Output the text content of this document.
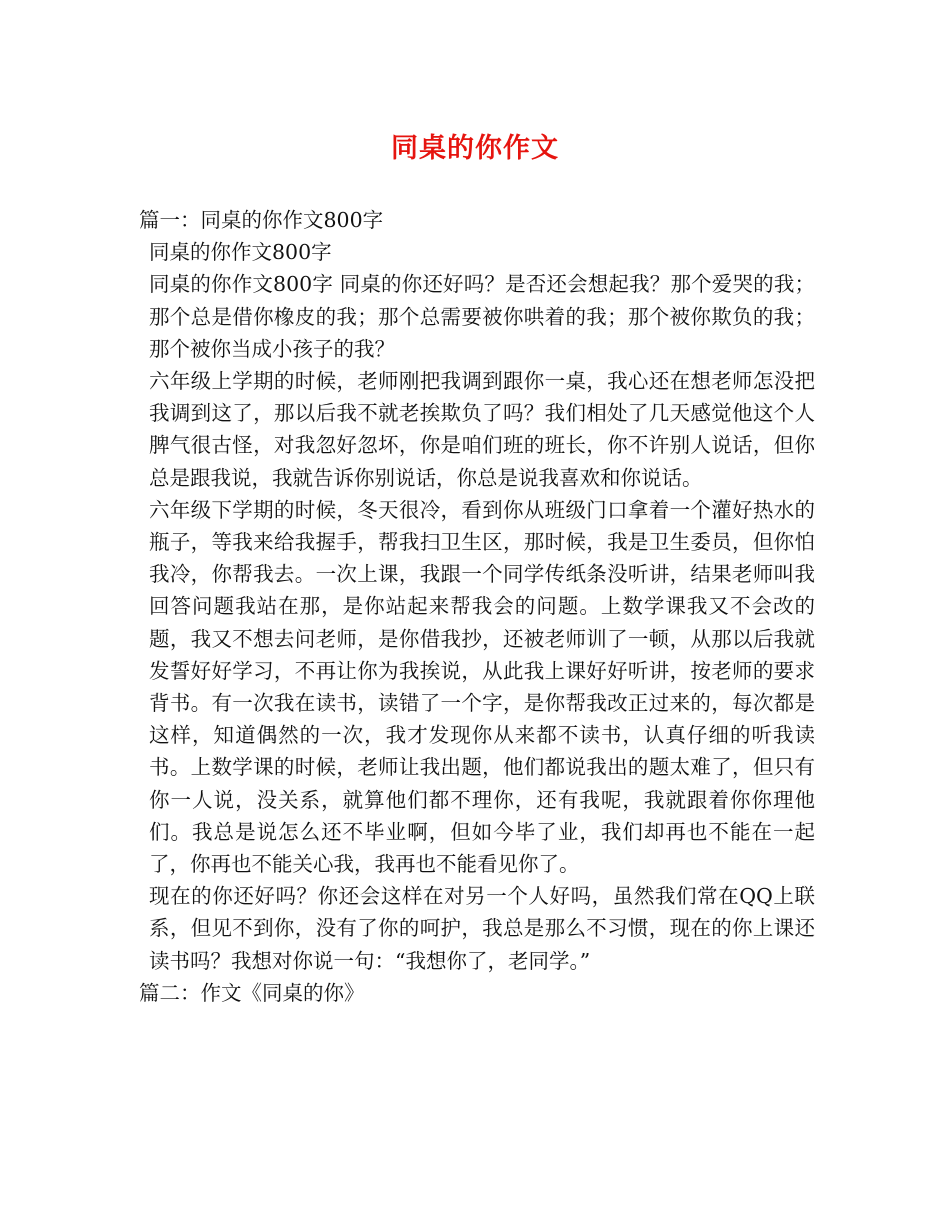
同桌的你作文

篇一：同桌的你作文800字

同桌的你作文800字

同桌的你作文800字 同桌的你还好吗？是否还会想起我？那个爱哭的我；那个总是借你橡皮的我；那个总需要被你哄着的我；那个被你欺负的我；那个被你当成小孩子的我？

六年级上学期的时候，老师刚把我调到跟你一桌，我心还在想老师怎没把我调到这了，那以后我不就老挨欺负了吗？我们相处了几天感觉他这个人脾气很古怪，对我忽好忽坏，你是咱们班的班长，你不许别人说话，但你总是跟我说，我就告诉你别说话，你总是说我喜欢和你说话。

六年级下学期的时候，冬天很冷，看到你从班级门口拿着一个灌好热水的瓶子，等我来给我握手，帮我扫卫生区，那时候，我是卫生委员，但你怕我冷，你帮我去。一次上课，我跟一个同学传纸条没听讲，结果老师叫我回答问题我站在那，是你站起来帮我会的问题。上数学课我又不会改的题，我又不想去问老师，是你借我抄，还被老师训了一顿，从那以后我就发誓好好学习，不再让你为我挨说，从此我上课好好听讲，按老师的要求背书。有一次我在读书，读错了一个字，是你帮我改正过来的，每次都是这样，知道偶然的一次，我才发现你从来都不读书，认真仔细的听我读书。上数学课的时候，老师让我出题，他们都说我出的题太难了，但只有你一人说，没关系，就算他们都不理你，还有我呢，我就跟着你你理他们。我总是说怎么还不毕业啊，但如今毕了业，我们却再也不能在一起了，你再也不能关心我，我再也不能看见你了。

现在的你还好吗？你还会这样在对另一个人好吗，虽然我们常在QQ上联系，但见不到你，没有了你的呵护，我总是那么不习惯，现在的你上课还读书吗？我想对你说一句：“我想你了，老同学。”

篇二：作文《同桌的你》
